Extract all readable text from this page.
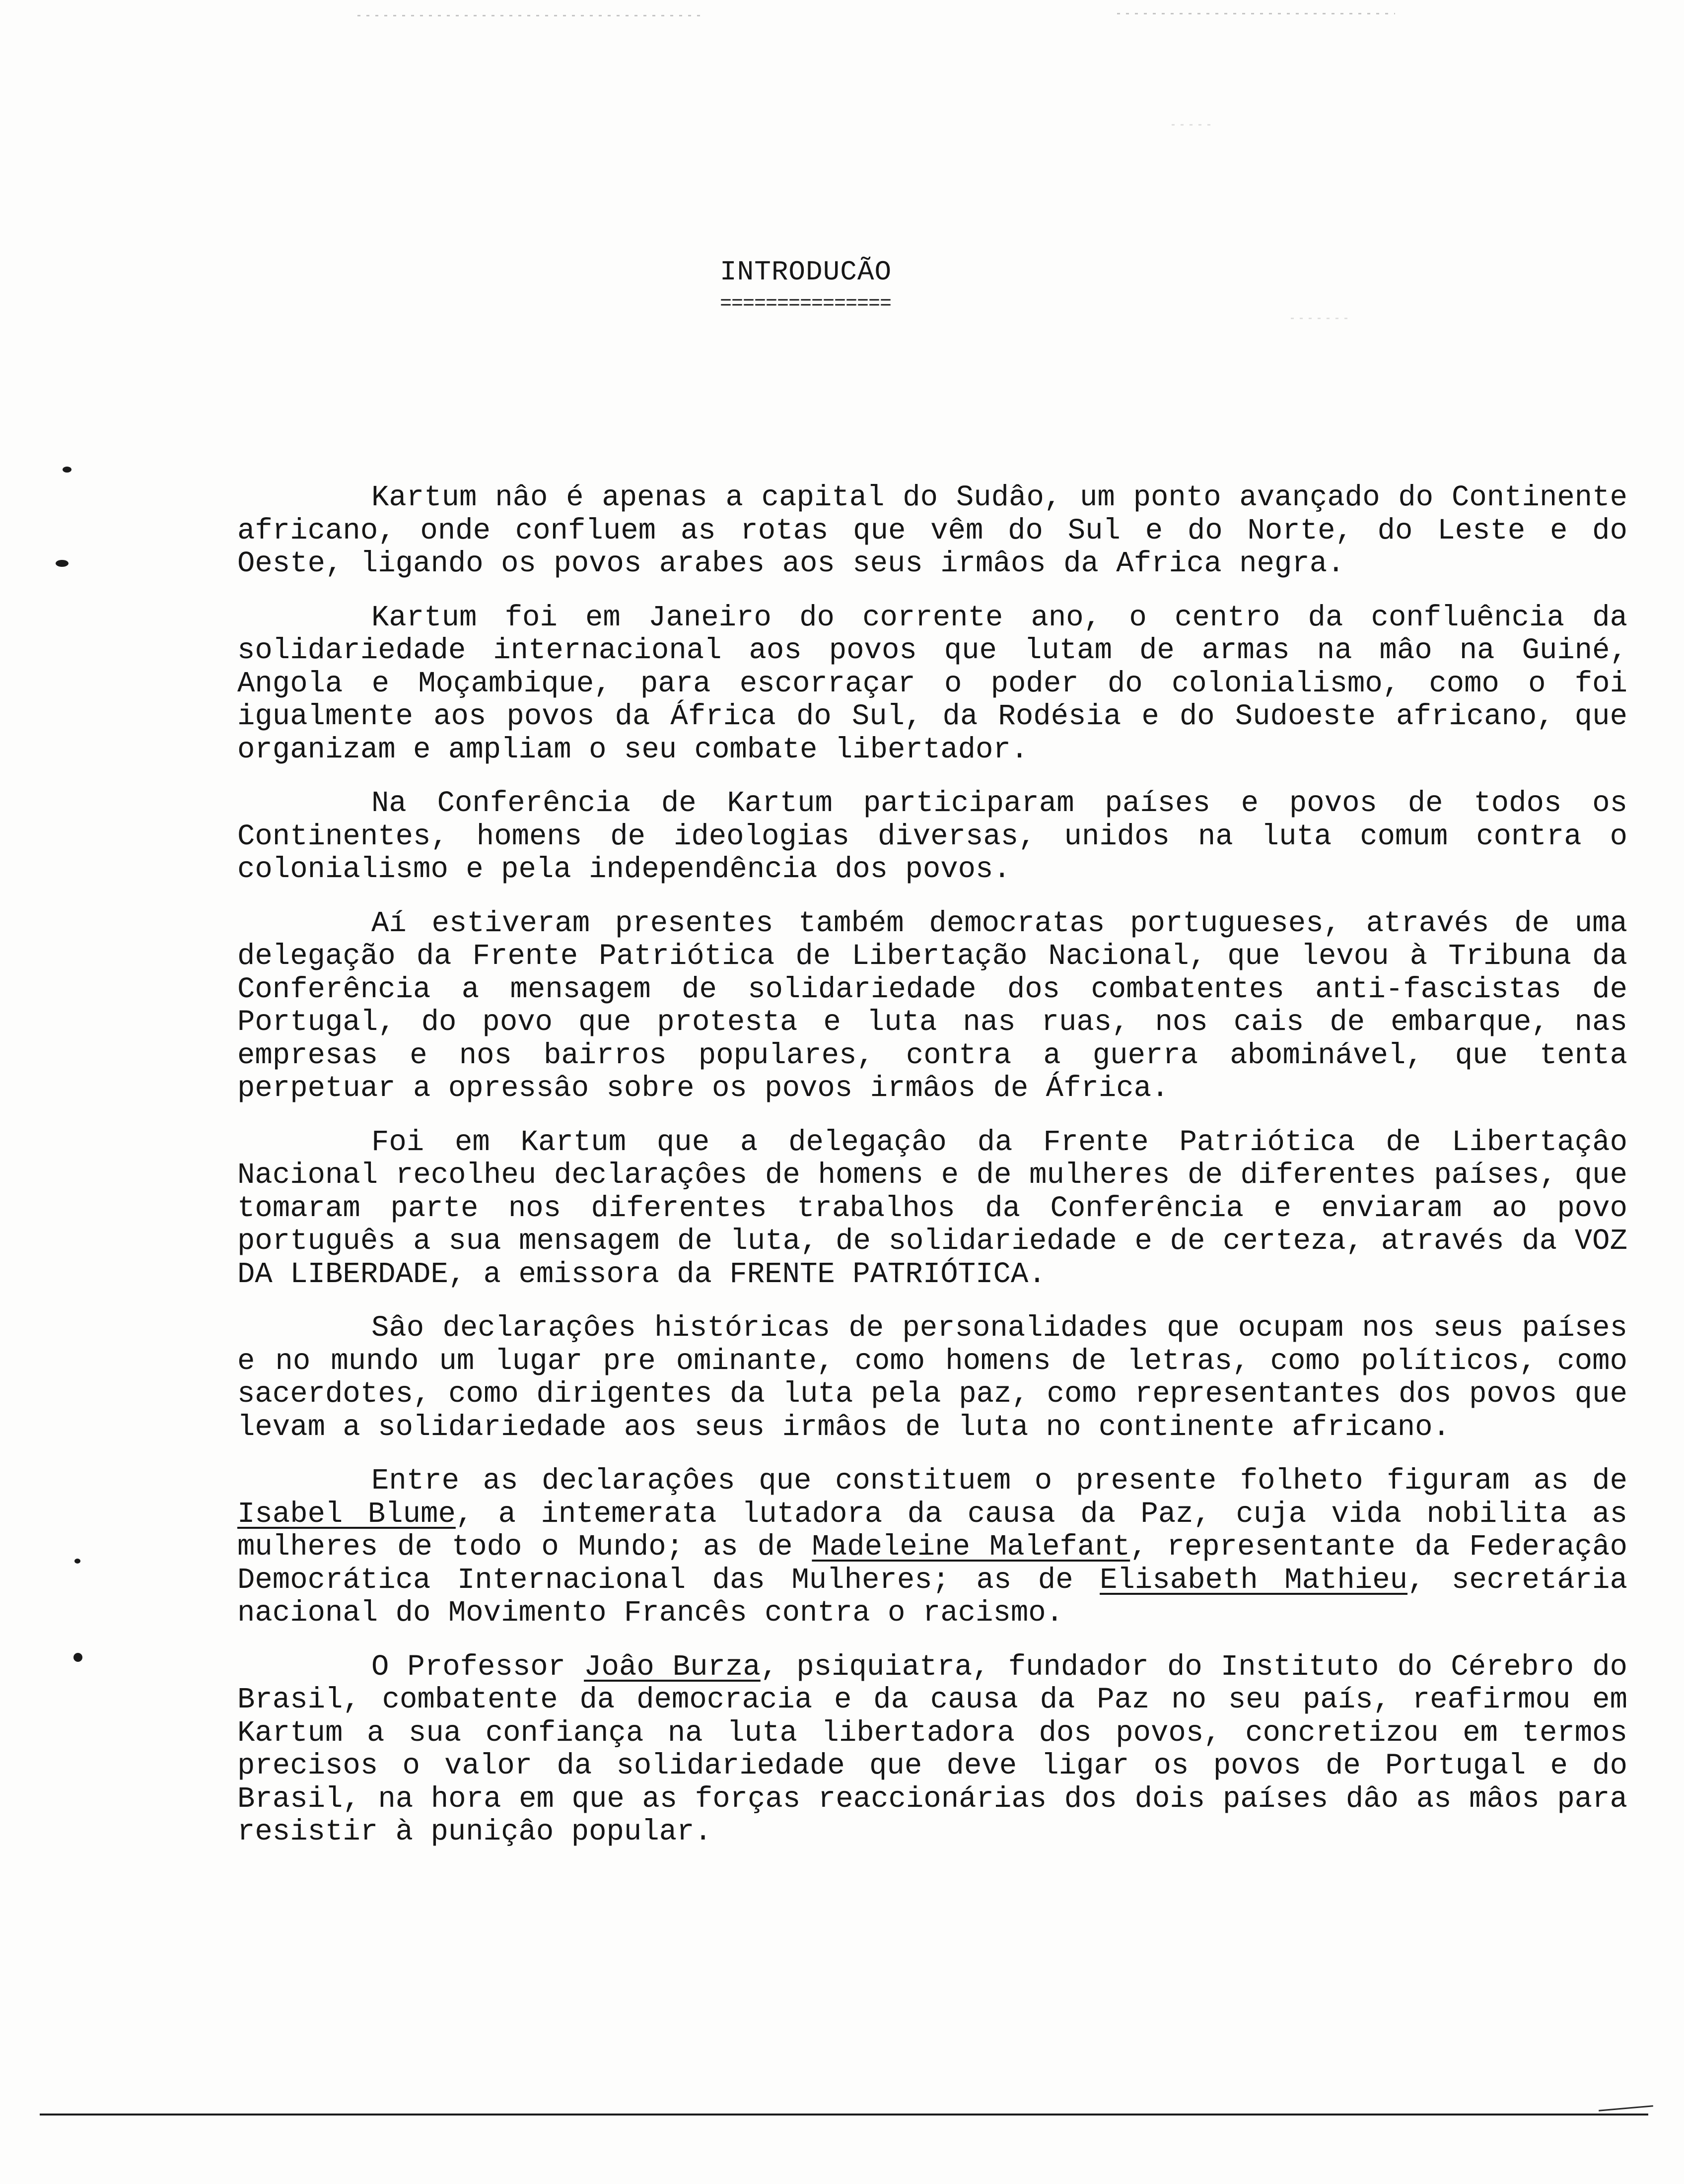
INTRODUCÃO
===============

Kartum nâo é apenas a capital do Sudâo, um ponto avançado do Continente africano, onde confluem as rotas que vêm do Sul e do Norte, do Leste e do Oeste, ligando os povos arabes aos seus irmâos da Africa negra.

Kartum foi em Janeiro do corrente ano, o centro da confluência da solidariedade internacional aos povos que lutam de armas na mâo na Guiné, Angola e Moçambique, para escorraçar o poder do colonialismo, como o foi igualmente aos povos da África do Sul, da Rodésia e do Sudoeste africano, que organizam e ampliam o seu combate libertador.

Na Conferência de Kartum participaram países e povos de todos os Continentes, homens de ideologias diversas, unidos na luta comum contra o colonialismo e pela independência dos povos.

Aí estiveram presentes também democratas portugueses, através de uma delegação da Frente Patriótica de Libertação Nacional, que levou à Tribuna da Conferência a mensagem de solidariedade dos combatentes anti-fascistas de Portugal, do povo que protesta e luta nas ruas, nos cais de embarque, nas empresas e nos bairros populares, contra a guerra abominável, que tenta perpetuar a opressâo sobre os povos irmâos de África.

Foi em Kartum que a delegaçâo da Frente Patriótica de Libertaçâo Nacional recolheu declaraçôes de homens e de mulheres de diferentes países, que tomaram parte nos diferentes trabalhos da Conferência e enviaram ao povo português a sua mensagem de luta, de solidariedade e de certeza, através da VOZ DA LIBERDADE, a emissora da FRENTE PATRIÓTICA.

Sâo declaraçôes históricas de personalidades que ocupam nos seus países e no mundo um lugar pre ominante, como homens de letras, como políticos, como sacerdotes, como dirigentes da luta pela paz, como representantes dos povos que levam a solidariedade aos seus irmâos de luta no continente africano.

Entre as declaraçôes que constituem o presente folheto figuram as de Isabel Blume, a intemerata lutadora da causa da Paz, cuja vida nobilita as mulheres de todo o Mundo; as de Madeleine Malefant, representante da Federaçâo Democrática Internacional das Mulheres; as de Elisabeth Mathieu, secretária nacional do Movimento Francês contra o racismo.

O Professor Joâo Burza, psiquiatra, fundador do Instituto do Cérebro do Brasil, combatente da democracia e da causa da Paz no seu país, reafirmou em Kartum a sua confiança na luta libertadora dos povos, concretizou em termos precisos o valor da solidariedade que deve ligar os povos de Portugal e do Brasil, na hora em que as forças reaccionárias dos dois países dâo as mâos para resistir à puniçâo popular.
